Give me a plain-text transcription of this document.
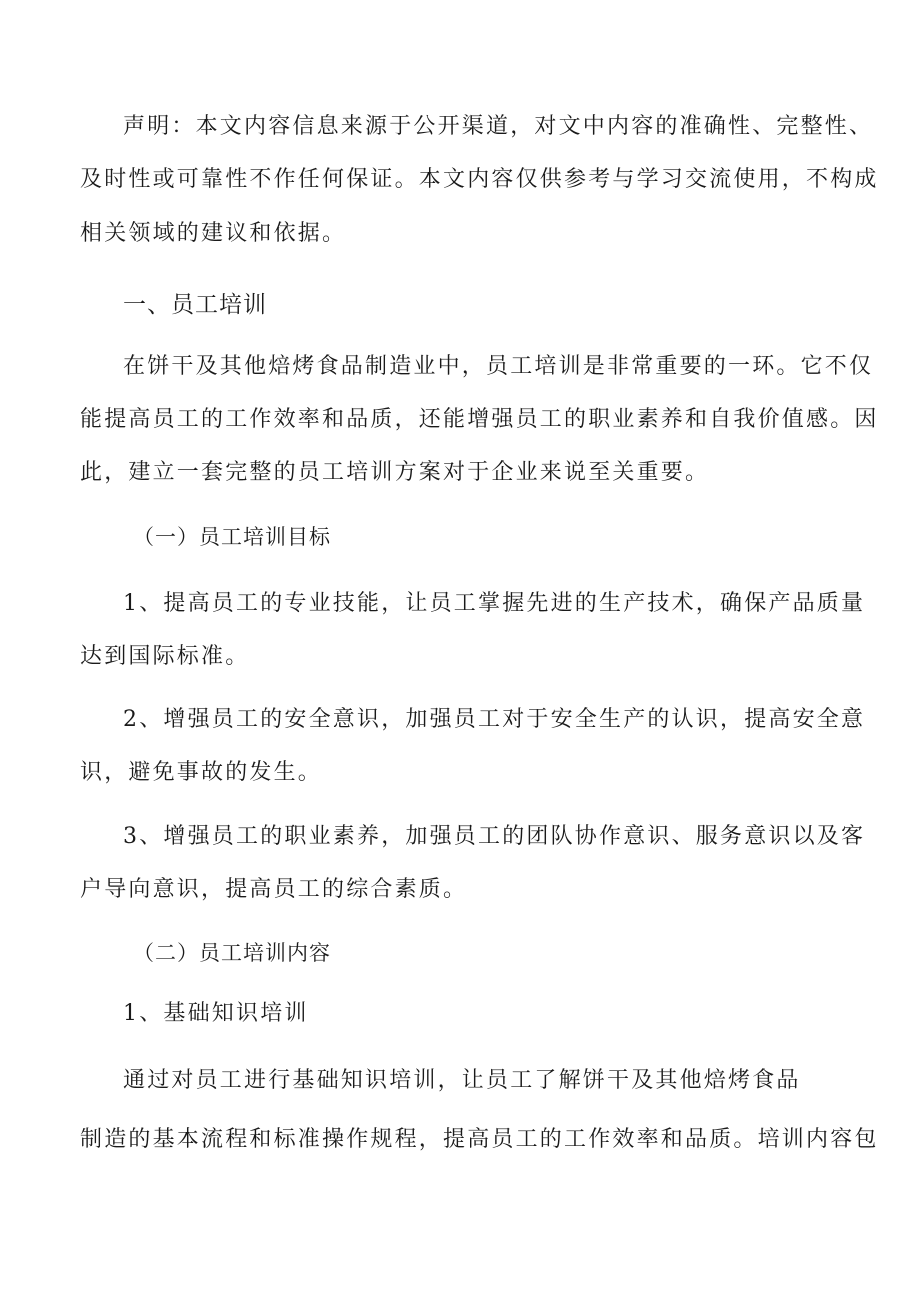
声明：本文内容信息来源于公开渠道，对文中内容的准确性、完整性、
及时性或可靠性不作任何保证。本文内容仅供参考与学习交流使用，不构成
相关领域的建议和依据。
一、员工培训
在饼干及其他焙烤食品制造业中，员工培训是非常重要的一环。它不仅
能提高员工的工作效率和品质，还能增强员工的职业素养和自我价值感。因
此，建立一套完整的员工培训方案对于企业来说至关重要。
（一）员工培训目标
1、提高员工的专业技能，让员工掌握先进的生产技术，确保产品质量
达到国际标准。
2、增强员工的安全意识，加强员工对于安全生产的认识，提高安全意
识，避免事故的发生。
3、增强员工的职业素养，加强员工的团队协作意识、服务意识以及客
户导向意识，提高员工的综合素质。
（二）员工培训内容
1、基础知识培训
通过对员工进行基础知识培训，让员工了解饼干及其他焙烤食品
制造的基本流程和标准操作规程，提高员工的工作效率和品质。培训内容包
